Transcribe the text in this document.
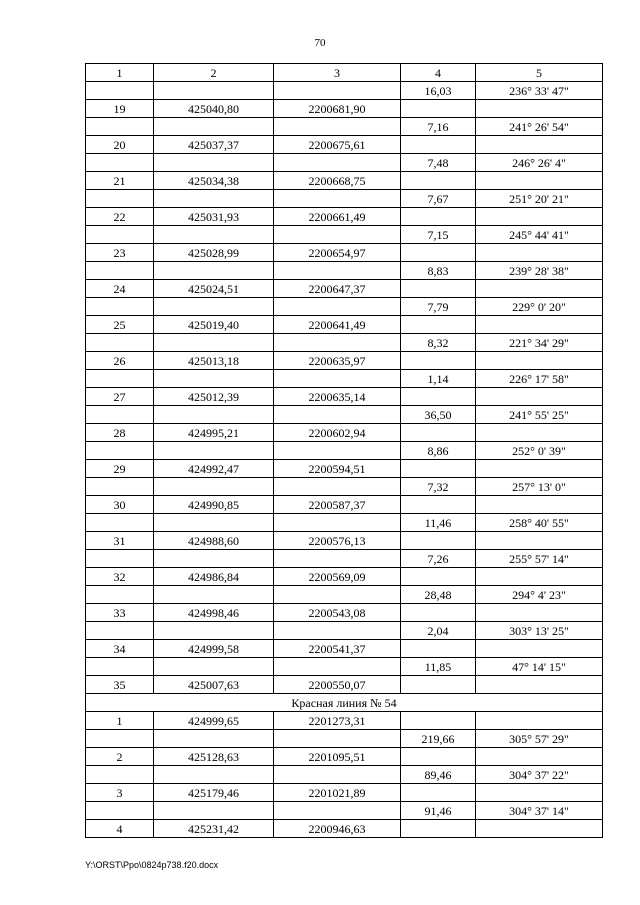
70
1	2	3	4	5
			16,03	236° 33' 47"
19	425040,80	2200681,90		
			7,16	241° 26' 54"
20	425037,37	2200675,61		
			7,48	246° 26' 4"
21	425034,38	2200668,75		
			7,67	251° 20' 21"
22	425031,93	2200661,49		
			7,15	245° 44' 41"
23	425028,99	2200654,97		
			8,83	239° 28' 38"
24	425024,51	2200647,37		
			7,79	229° 0' 20"
25	425019,40	2200641,49		
			8,32	221° 34' 29"
26	425013,18	2200635,97		
			1,14	226° 17' 58"
27	425012,39	2200635,14		
			36,50	241° 55' 25"
28	424995,21	2200602,94		
			8,86	252° 0' 39"
29	424992,47	2200594,51		
			7,32	257° 13' 0"
30	424990,85	2200587,37		
			11,46	258° 40' 55"
31	424988,60	2200576,13		
			7,26	255° 57' 14"
32	424986,84	2200569,09		
			28,48	294° 4' 23"
33	424998,46	2200543,08		
			2,04	303° 13' 25"
34	424999,58	2200541,37		
			11,85	47° 14' 15"
35	425007,63	2200550,07		
Красная линия № 54				
1	424999,65	2201273,31		
			219,66	305° 57' 29"
2	425128,63	2201095,51		
			89,46	304° 37' 22"
3	425179,46	2201021,89		
			91,46	304° 37' 14"
4	425231,42	2200946,63		
Y:\ORST\Ppo\0824p738.f20.docx
